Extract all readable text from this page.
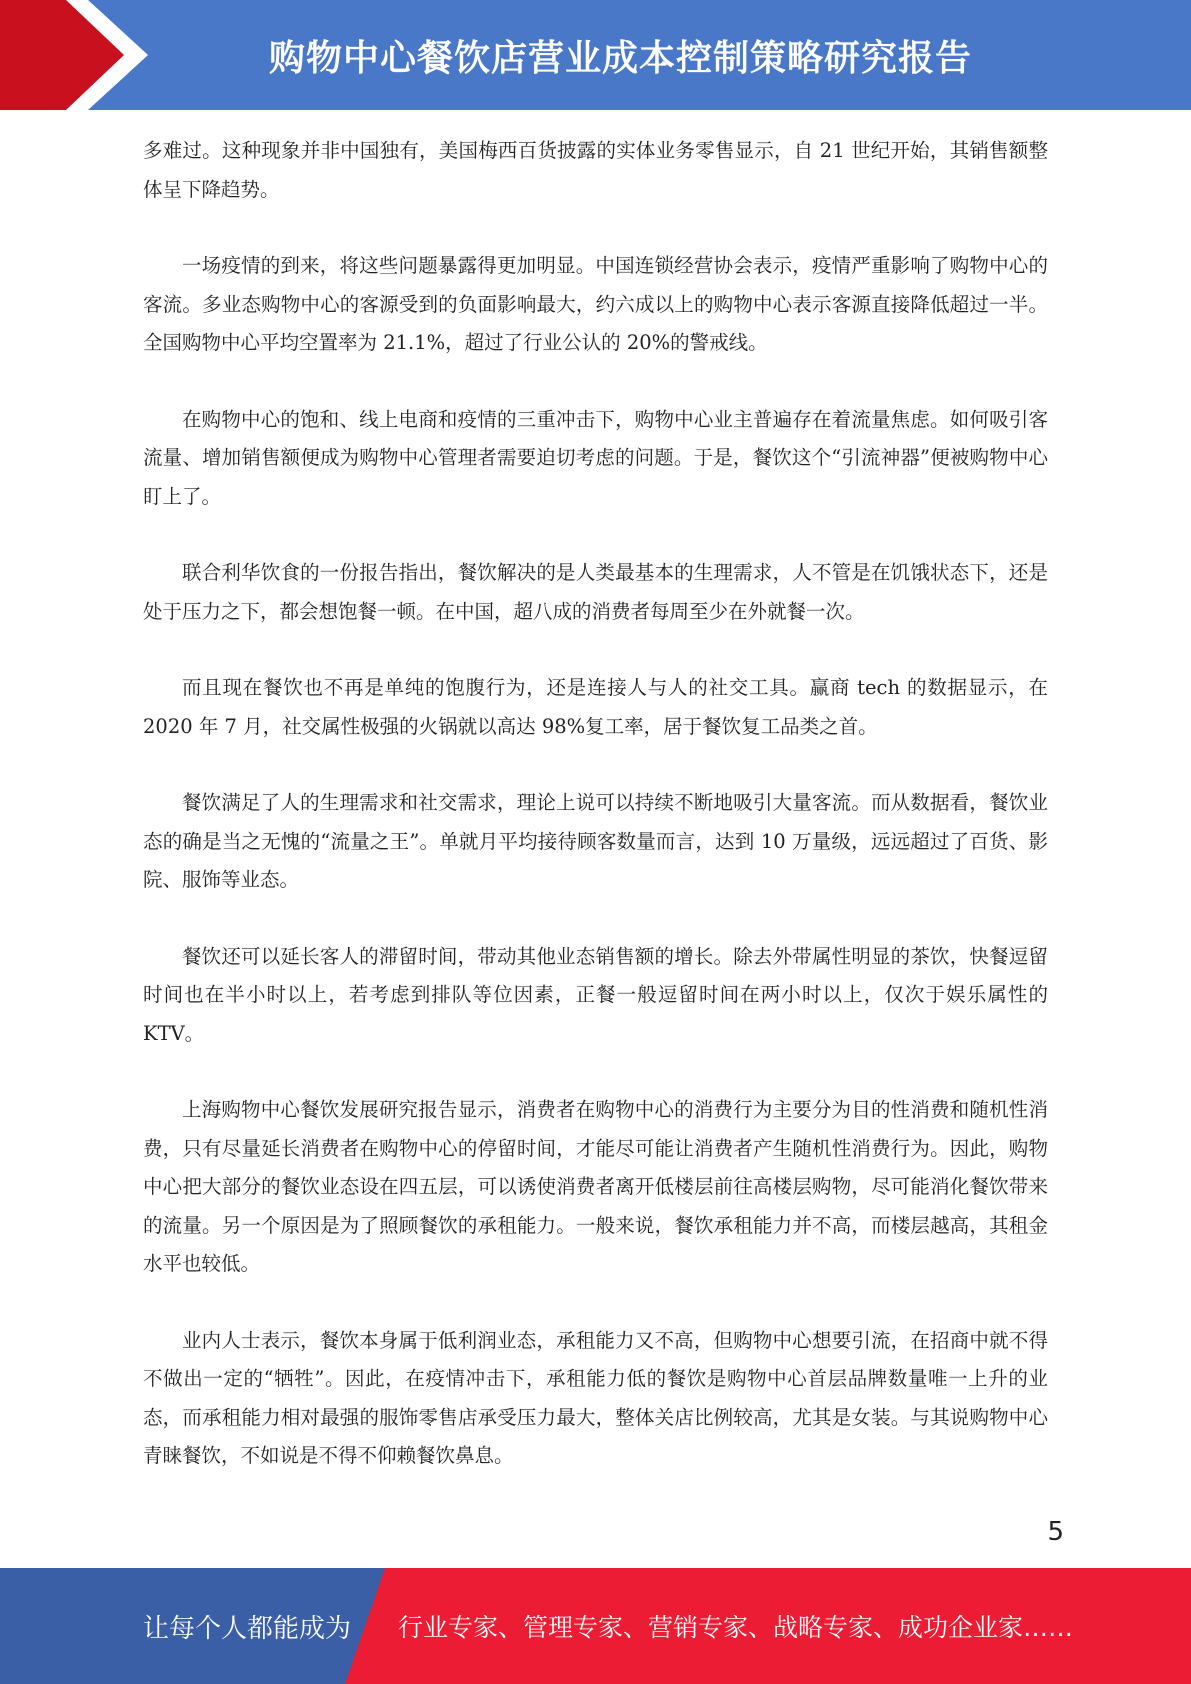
购物中心餐饮店营业成本控制策略研究报告

多难过。这种现象并非中国独有，美国梅西百货披露的实体业务零售显示，自 21 世纪开始，其销售额整体呈下降趋势。

一场疫情的到来，将这些问题暴露得更加明显。中国连锁经营协会表示，疫情严重影响了购物中心的客流。多业态购物中心的客源受到的负面影响最大，约六成以上的购物中心表示客源直接降低超过一半。全国购物中心平均空置率为 21.1%，超过了行业公认的 20%的警戒线。

在购物中心的饱和、线上电商和疫情的三重冲击下，购物中心业主普遍存在着流量焦虑。如何吸引客流量、增加销售额便成为购物中心管理者需要迫切考虑的问题。于是，餐饮这个“引流神器”便被购物中心盯上了。

联合利华饮食的一份报告指出，餐饮解决的是人类最基本的生理需求，人不管是在饥饿状态下，还是处于压力之下，都会想饱餐一顿。在中国，超八成的消费者每周至少在外就餐一次。

而且现在餐饮也不再是单纯的饱腹行为，还是连接人与人的社交工具。赢商 tech 的数据显示，在 2020 年 7 月，社交属性极强的火锅就以高达 98%复工率，居于餐饮复工品类之首。

餐饮满足了人的生理需求和社交需求，理论上说可以持续不断地吸引大量客流。而从数据看，餐饮业态的确是当之无愧的“流量之王”。单就月平均接待顾客数量而言，达到 10 万量级，远远超过了百货、影院、服饰等业态。

餐饮还可以延长客人的滞留时间，带动其他业态销售额的增长。除去外带属性明显的茶饮，快餐逗留时间也在半小时以上，若考虑到排队等位因素，正餐一般逗留时间在两小时以上，仅次于娱乐属性的 KTV。

上海购物中心餐饮发展研究报告显示，消费者在购物中心的消费行为主要分为目的性消费和随机性消费，只有尽量延长消费者在购物中心的停留时间，才能尽可能让消费者产生随机性消费行为。因此，购物中心把大部分的餐饮业态设在四五层，可以诱使消费者离开低楼层前往高楼层购物，尽可能消化餐饮带来的流量。另一个原因是为了照顾餐饮的承租能力。一般来说，餐饮承租能力并不高，而楼层越高，其租金水平也较低。

业内人士表示，餐饮本身属于低利润业态，承租能力又不高，但购物中心想要引流，在招商中就不得不做出一定的“牺牲”。因此，在疫情冲击下，承租能力低的餐饮是购物中心首层品牌数量唯一上升的业态，而承租能力相对最强的服饰零售店承受压力最大，整体关店比例较高，尤其是女装。与其说购物中心青睐餐饮，不如说是不得不仰赖餐饮鼻息。

5
让每个人都能成为 行业专家、管理专家、营销专家、战略专家、成功企业家……
